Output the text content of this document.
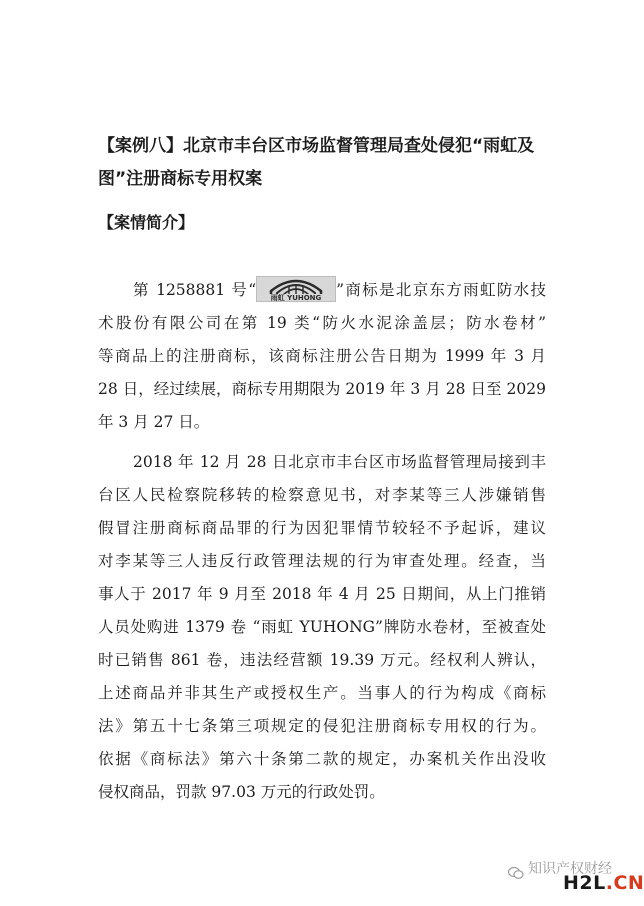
【案例八】北京市丰台区市场监督管理局查处侵犯“雨虹及
图”注册商标专用权案
【案情简介】
第 1258881 号“ 雨虹 YUHONG ”商标是北京东方雨虹防水技
术股份有限公司在第 19 类“防火水泥涂盖层；防水卷材”
等商品上的注册商标，该商标注册公告日期为 1999 年 3 月
28 日，经过续展，商标专用期限为 2019 年 3 月 28 日至 2029
年 3 月 27 日。
2018 年 12 月 28 日北京市丰台区市场监督管理局接到丰
台区人民检察院移转的检察意见书，对李某等三人涉嫌销售
假冒注册商标商品罪的行为因犯罪情节较轻不予起诉，建议
对李某等三人违反行政管理法规的行为审查处理。经查，当
事人于 2017 年 9 月至 2018 年 4 月 25 日期间，从上门推销
人员处购进 1379 卷 “雨虹 YUHONG”牌防水卷材，至被查处
时已销售 861 卷，违法经营额 19.39 万元。经权利人辨认，
上述商品并非其生产或授权生产。当事人的行为构成《商标
法》第五十七条第三项规定的侵犯注册商标专用权的行为。
依据《商标法》第六十条第二款的规定，办案机关作出没收
侵权商品，罚款 97.03 万元的行政处罚。
知识产权财经
H2L.CN
